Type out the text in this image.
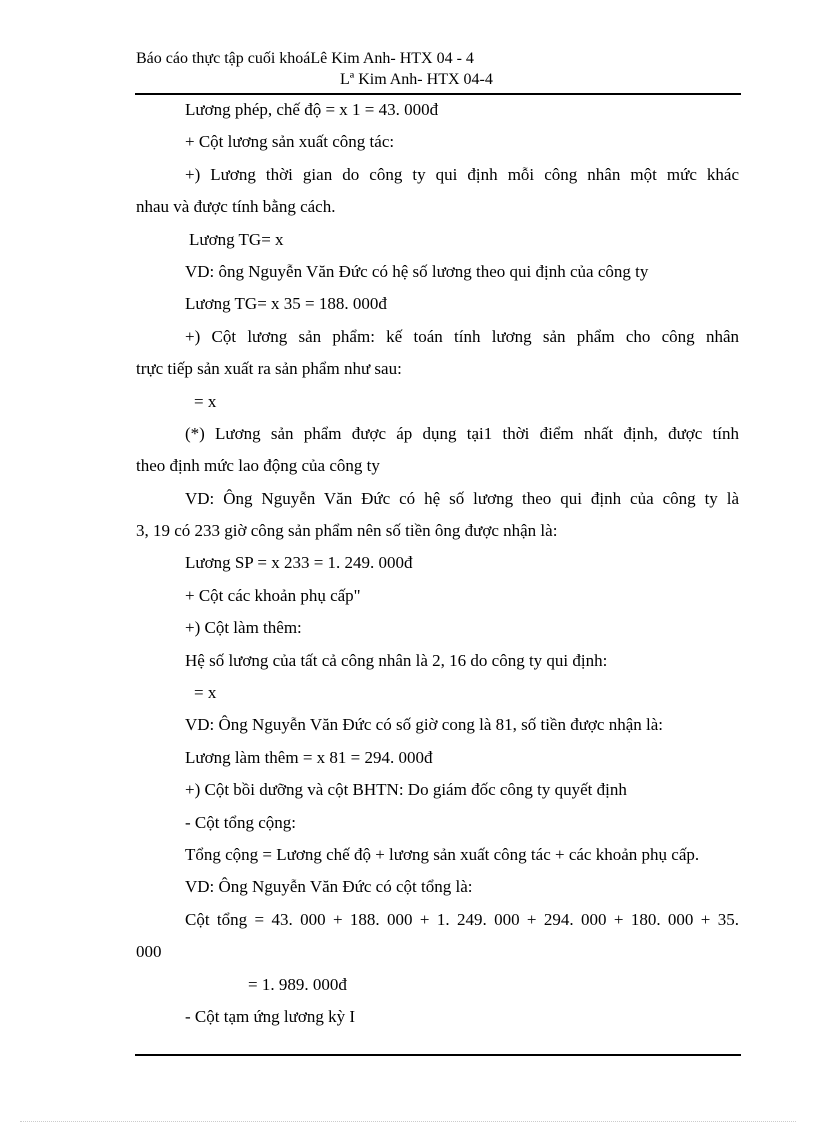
Báo cáo thực tập cuối khoáLê Kim Anh- HTX 04 - 4
Lª Kim Anh- HTX 04-4
Lương phép, chế độ = x 1 = 43. 000đ
+ Cột lương sản xuất công tác:
+) Lương thời gian do công ty qui định mỗi công nhân một mức khác
nhau và được tính bằng cách.
Lương TG= x
VD: ông Nguyễn Văn Đức có hệ số lương theo qui định của công ty
Lương TG= x 35 = 188. 000đ
+) Cột lương sản phẩm: kế toán tính lương sản phẩm cho công nhân
trực tiếp sản xuất ra sản phẩm như sau:
= x
(*) Lương sản phẩm được áp dụng tại1 thời điểm nhất định, được tính
theo định mức lao động của công ty
VD: Ông Nguyễn Văn Đức có hệ số lương theo qui định của công ty là
3, 19 có 233 giờ công sản phẩm nên số tiền ông được nhận là:
Lương SP = x 233 = 1. 249. 000đ
+ Cột các khoản phụ cấp"
+) Cột làm thêm:
Hệ số lương của tất cả công nhân là 2, 16 do công ty qui định:
= x
VD: Ông Nguyễn Văn Đức có số giờ cong là 81, số tiền được nhận là:
Lương làm thêm = x 81 = 294. 000đ
+) Cột bồi dưỡng và cột BHTN: Do giám đốc công ty quyết định
- Cột tổng cộng:
Tổng cộng = Lương chế độ + lương sản xuất công tác + các khoản phụ cấp.
VD: Ông Nguyễn Văn Đức có cột tổng là:
Cột tổng = 43. 000 + 188. 000 + 1. 249. 000 + 294. 000 + 180. 000 + 35.
000
= 1. 989. 000đ
- Cột tạm ứng lương kỳ I
